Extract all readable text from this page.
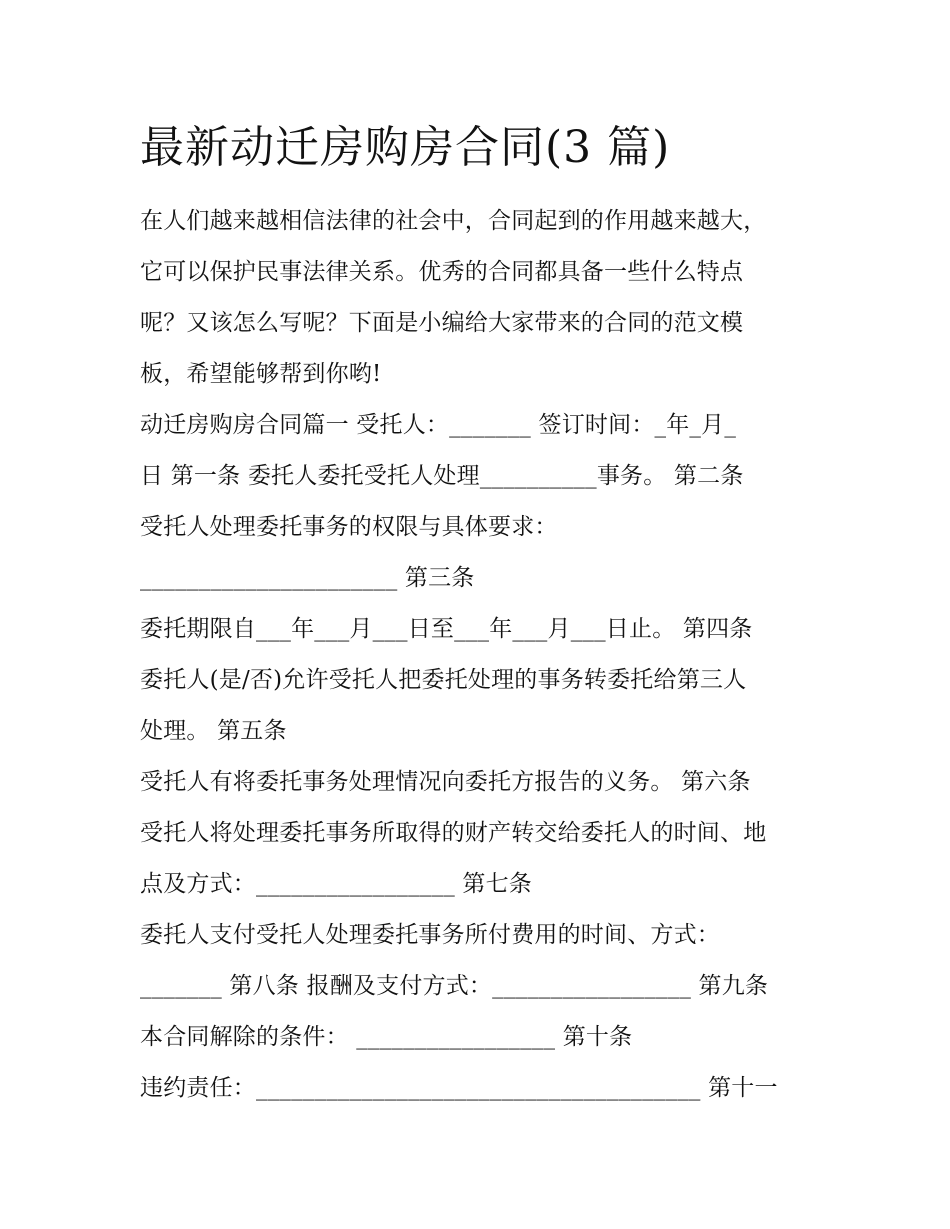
最新动迁房购房合同(3 篇)
在人们越来越相信法律的社会中，合同起到的作用越来越大，
它可以保护民事法律关系。优秀的合同都具备一些什么特点
呢？又该怎么写呢？下面是小编给大家带来的合同的范文模
板，希望能够帮到你哟!
动迁房购房合同篇一 受托人：_______ 签订时间：_年_月_
日 第一条 委托人委托受托人处理__________事务。 第二条
受托人处理委托事务的权限与具体要求：
______________________ 第三条
委托期限自___年___月___日至___年___月___日止。 第四条
委托人(是/否)允许受托人把委托处理的事务转委托给第三人
处理。 第五条
受托人有将委托事务处理情况向委托方报告的义务。 第六条
受托人将处理委托事务所取得的财产转交给委托人的时间、地
点及方式：_________________ 第七条
委托人支付受托人处理委托事务所付费用的时间、方式：
_______ 第八条 报酬及支付方式：_________________ 第九条
本合同解除的条件： _________________ 第十条
违约责任：______________________________________ 第十一
